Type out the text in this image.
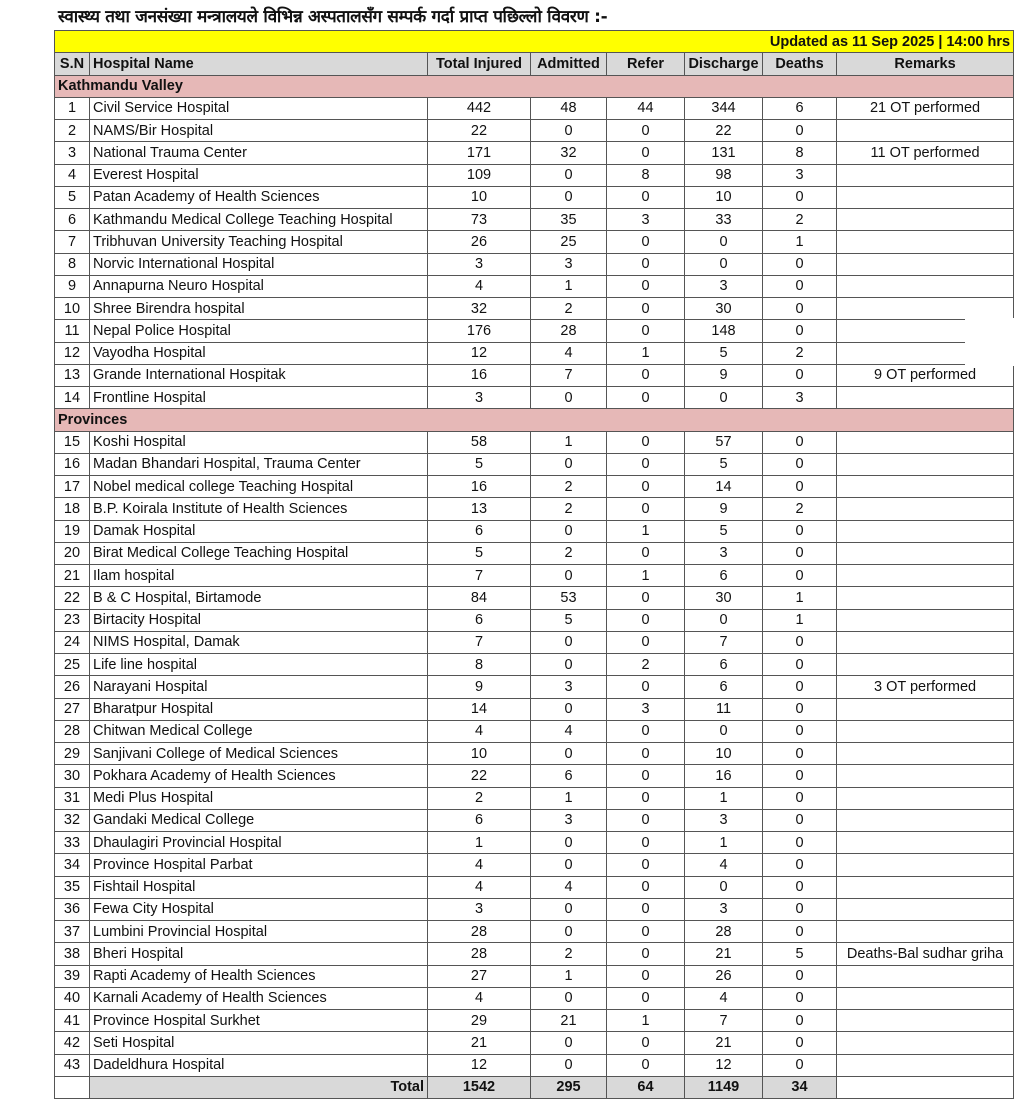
स्वास्थ्य तथा जनसंख्या मन्त्रालयले विभिन्न अस्पतालसँग सम्पर्क गर्दा प्राप्त पछिल्लो विवरण :-
Updated as 11 Sep 2025 | 14:00 hrs							
S.N	Hospital Name	Total Injured	Admitted	Refer	Discharge	Deaths	Remarks
Kathmandu Valley							
1	Civil Service Hospital	442	48	44	344	6	21 OT performed
2	NAMS/Bir Hospital	22	0	0	22	0	
3	National Trauma Center	171	32	0	131	8	11 OT performed
4	Everest Hospital	109	0	8	98	3	
5	Patan Academy of Health Sciences	10	0	0	10	0	
6	Kathmandu Medical College Teaching Hospital	73	35	3	33	2	
7	Tribhuvan University Teaching Hospital	26	25	0	0	1	
8	Norvic International Hospital	3	3	0	0	0	
9	Annapurna Neuro Hospital	4	1	0	3	0	
10	Shree Birendra hospital	32	2	0	30	0	
11	Nepal Police Hospital	176	28	0	148	0	
12	Vayodha Hospital	12	4	1	5	2	
13	Grande International Hospitak	16	7	0	9	0	9 OT performed
14	Frontline Hospital	3	0	0	0	3	
Provinces							
15	Koshi Hospital	58	1	0	57	0	
16	Madan Bhandari Hospital, Trauma Center	5	0	0	5	0	
17	Nobel medical college Teaching Hospital	16	2	0	14	0	
18	B.P. Koirala Institute of Health Sciences	13	2	0	9	2	
19	Damak Hospital	6	0	1	5	0	
20	Birat Medical College Teaching Hospital	5	2	0	3	0	
21	Ilam hospital	7	0	1	6	0	
22	B & C Hospital, Birtamode	84	53	0	30	1	
23	Birtacity Hospital	6	5	0	0	1	
24	NIMS Hospital, Damak	7	0	0	7	0	
25	Life line hospital	8	0	2	6	0	
26	Narayani Hospital	9	3	0	6	0	3 OT performed
27	Bharatpur Hospital	14	0	3	11	0	
28	Chitwan Medical College	4	4	0	0	0	
29	Sanjivani College of Medical Sciences	10	0	0	10	0	
30	Pokhara Academy of Health Sciences	22	6	0	16	0	
31	Medi Plus Hospital	2	1	0	1	0	
32	Gandaki Medical College	6	3	0	3	0	
33	Dhaulagiri Provincial Hospital	1	0	0	1	0	
34	Province Hospital Parbat	4	0	0	4	0	
35	Fishtail Hospital	4	4	0	0	0	
36	Fewa City Hospital	3	0	0	3	0	
37	Lumbini Provincial Hospital	28	0	0	28	0	
38	Bheri Hospital	28	2	0	21	5	Deaths-Bal sudhar griha
39	Rapti Academy of Health Sciences	27	1	0	26	0	
40	Karnali Academy of Health Sciences	4	0	0	4	0	
41	Province Hospital Surkhet	29	21	1	7	0	
42	Seti Hospital	21	0	0	21	0	
43	Dadeldhura Hospital	12	0	0	12	0	
	Total	1542	295	64	1149	34	
